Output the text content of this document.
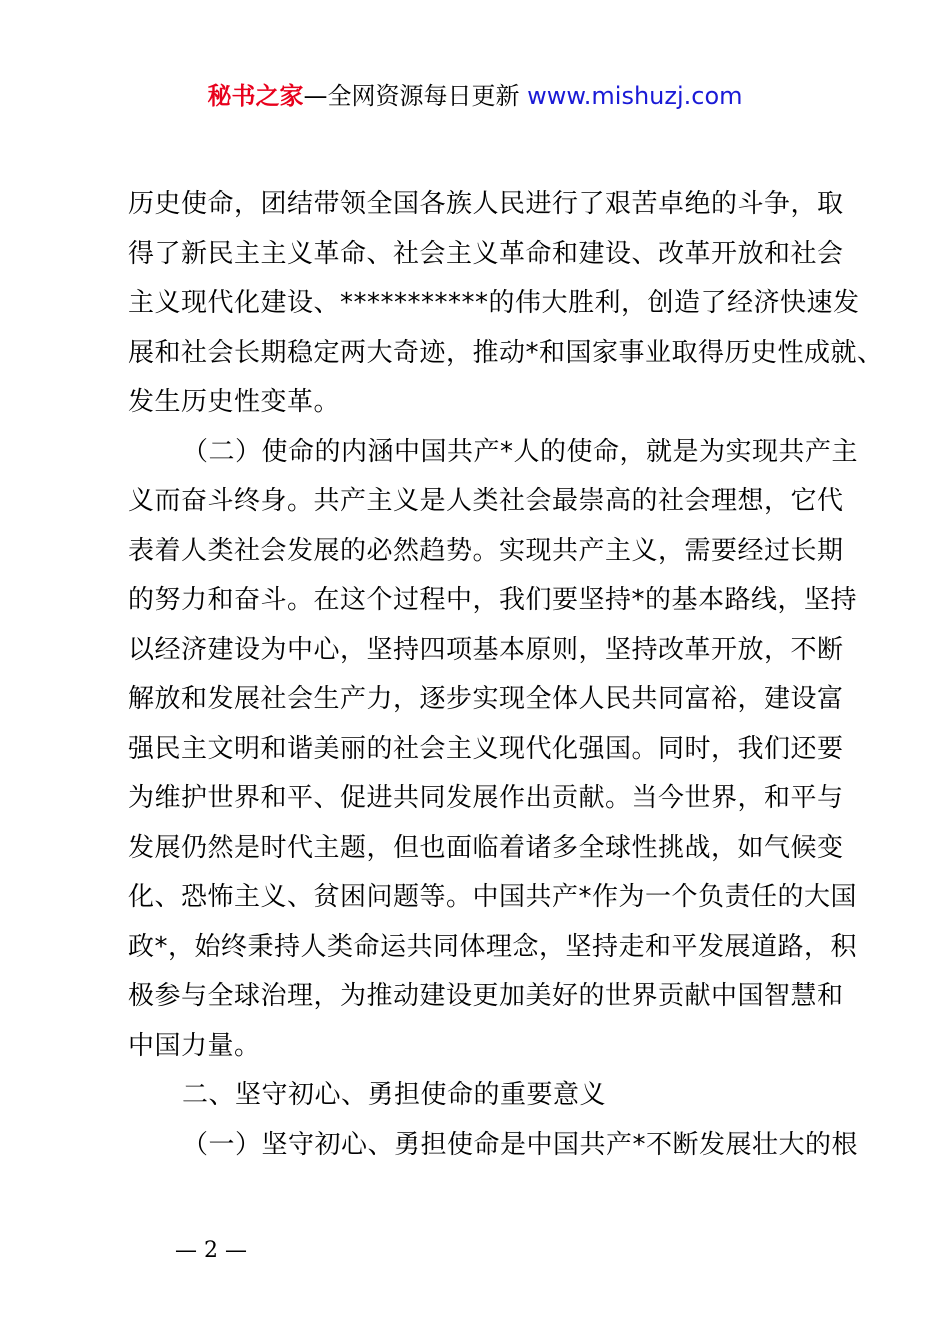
秘书之家—全网资源每日更新 www.mishuzj.com
历史使命，团结带领全国各族人民进行了艰苦卓绝的斗争，取
得了新民主主义革命、社会主义革命和建设、改革开放和社会
主义现代化建设、***********的伟大胜利，创造了经济快速发
展和社会长期稳定两大奇迹，推动*和国家事业取得历史性成就、
发生历史性变革。
（二）使命的内涵中国共产*人的使命，就是为实现共产主
义而奋斗终身。共产主义是人类社会最崇高的社会理想，它代
表着人类社会发展的必然趋势。实现共产主义，需要经过长期
的努力和奋斗。在这个过程中，我们要坚持*的基本路线，坚持
以经济建设为中心，坚持四项基本原则，坚持改革开放，不断
解放和发展社会生产力，逐步实现全体人民共同富裕，建设富
强民主文明和谐美丽的社会主义现代化强国。同时，我们还要
为维护世界和平、促进共同发展作出贡献。当今世界，和平与
发展仍然是时代主题，但也面临着诸多全球性挑战，如气候变
化、恐怖主义、贫困问题等。中国共产*作为一个负责任的大国
政*，始终秉持人类命运共同体理念，坚持走和平发展道路，积
极参与全球治理，为推动建设更加美好的世界贡献中国智慧和
中国力量。
二、坚守初心、勇担使命的重要意义
（一）坚守初心、勇担使命是中国共产*不断发展壮大的根
— 2 —
